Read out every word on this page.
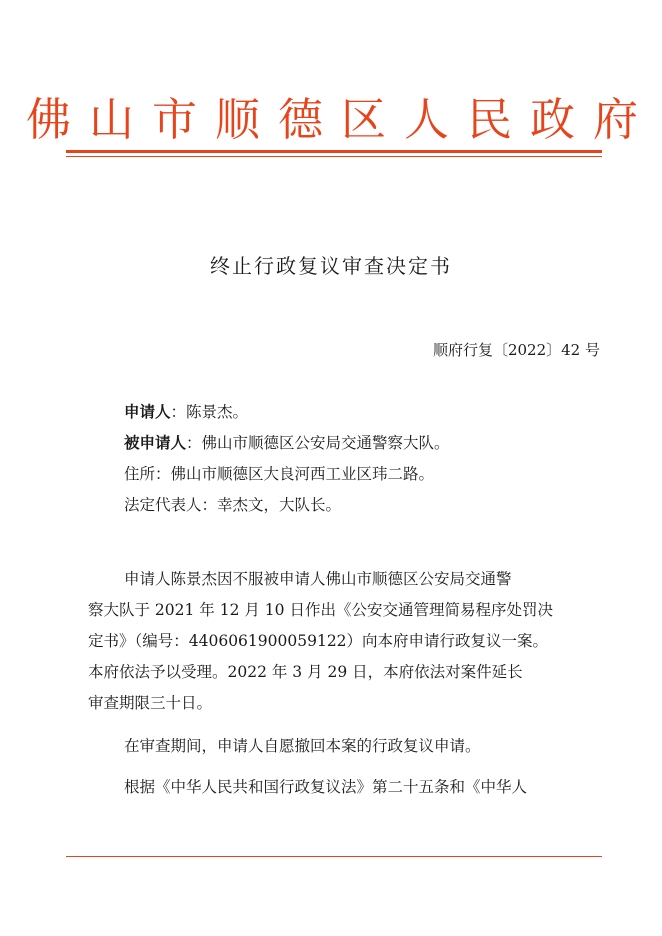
佛山市顺德区人民政府
终止行政复议审查决定书
顺府行复〔2022〕42 号
申请人：陈景杰。
被申请人：佛山市顺德区公安局交通警察大队。
住所：佛山市顺德区大良河西工业区玮二路。
法定代表人：幸杰文，大队长。
申请人陈景杰因不服被申请人佛山市顺德区公安局交通警
察大队于 2021 年 12 月 10 日作出《公安交通管理简易程序处罚决
定书》（编号：4406061900059122）向本府申请行政复议一案。
本府依法予以受理。2022 年 3 月 29 日，本府依法对案件延长
审查期限三十日。
在审查期间，申请人自愿撤回本案的行政复议申请。
根据《中华人民共和国行政复议法》第二十五条和《中华人
